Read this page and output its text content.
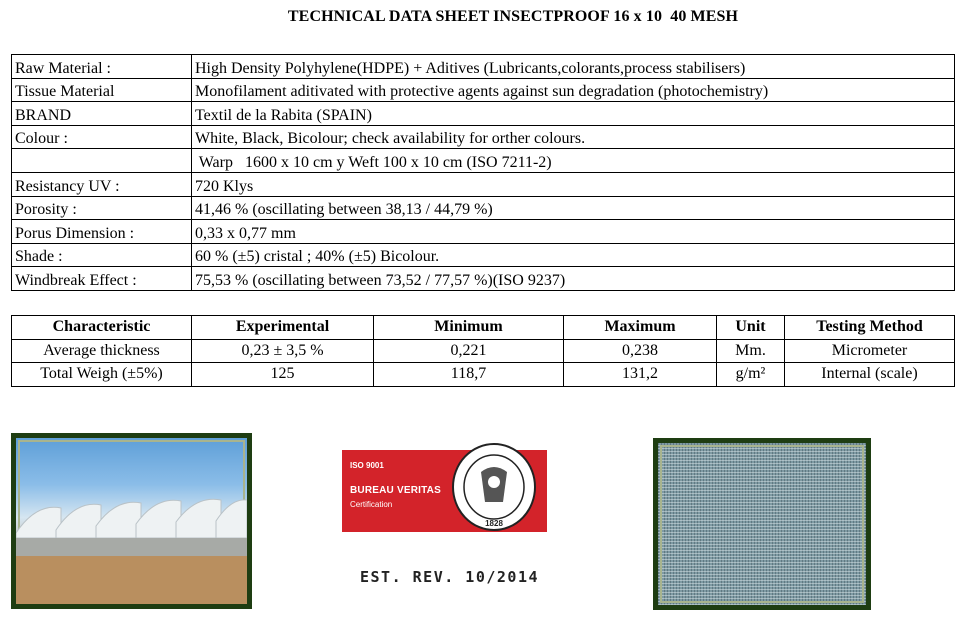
TECHNICAL DATA SHEET INSECTPROOF 16 x 10  40 MESH
Raw Material :	High Density Polyhylene(HDPE) + Aditives (Lubricants,colorants,process stabilisers)
Tissue Material	Monofilament aditivated with protective agents against sun degradation (photochemistry)
BRAND	Textil de la Rabita (SPAIN)
Colour :	White, Black, Bicolour; check availability for orther colours.
	Warp   1600 x 10 cm y Weft 100 x 10 cm (ISO 7211-2)
Resistancy UV :	720 Klys
Porosity :	41,46 % (oscillating between 38,13 / 44,79 %)
Porus Dimension :	0,33 x 0,77 mm
Shade :	60 % (±5) cristal ; 40% (±5) Bicolour.
Windbreak Effect :	75,53 % (oscillating between 73,52 / 77,57 %)(ISO 9237)
Characteristic	Experimental	Minimum	Maximum	Unit	Testing Method
Average thickness	0,23 ± 3,5 %	0,221	0,238	Mm.	Micrometer
Total Weigh (±5%)	125	118,7	131,2	g/m²	Internal (scale)
ISO 9001
BUREAU VERITAS
Certification
1828
EST. REV. 10/2014
